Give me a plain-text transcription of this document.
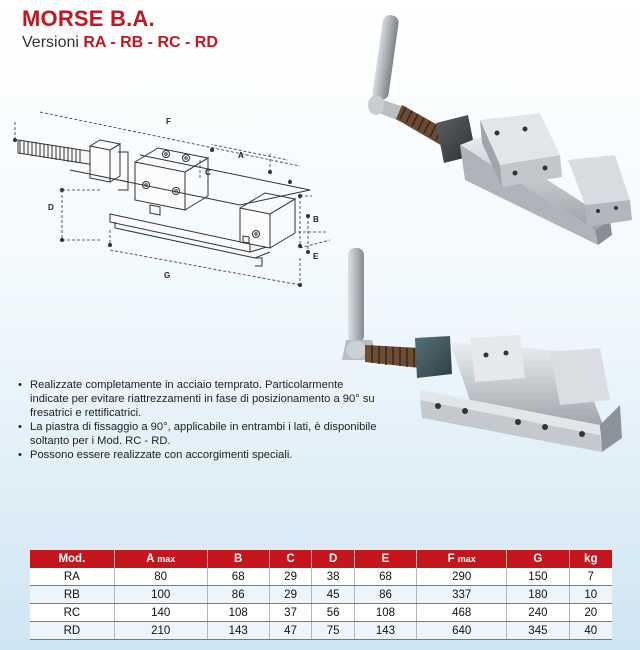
MORSE B.A.
Versioni RA - RB - RC - RD
F
A
C
D
B
E
G
• Realizzate completamente in acciaio temprato. Particolarmente indicate per evitare riattrezzamenti in fase di posizionamento a 90° su fresatrici e rettificatrici.
• La piastra di fissaggio a 90°, applicabile in entrambi i lati, è disponibile soltanto per i Mod. RC - RD.
• Possono essere realizzate con accorgimenti speciali.
Mod.	A max	B	C	D	E	F max	G	kg
RA	80	68	29	38	68	290	150	7
RB	100	86	29	45	86	337	180	10
RC	140	108	37	56	108	468	240	20
RD	210	143	47	75	143	640	345	40
